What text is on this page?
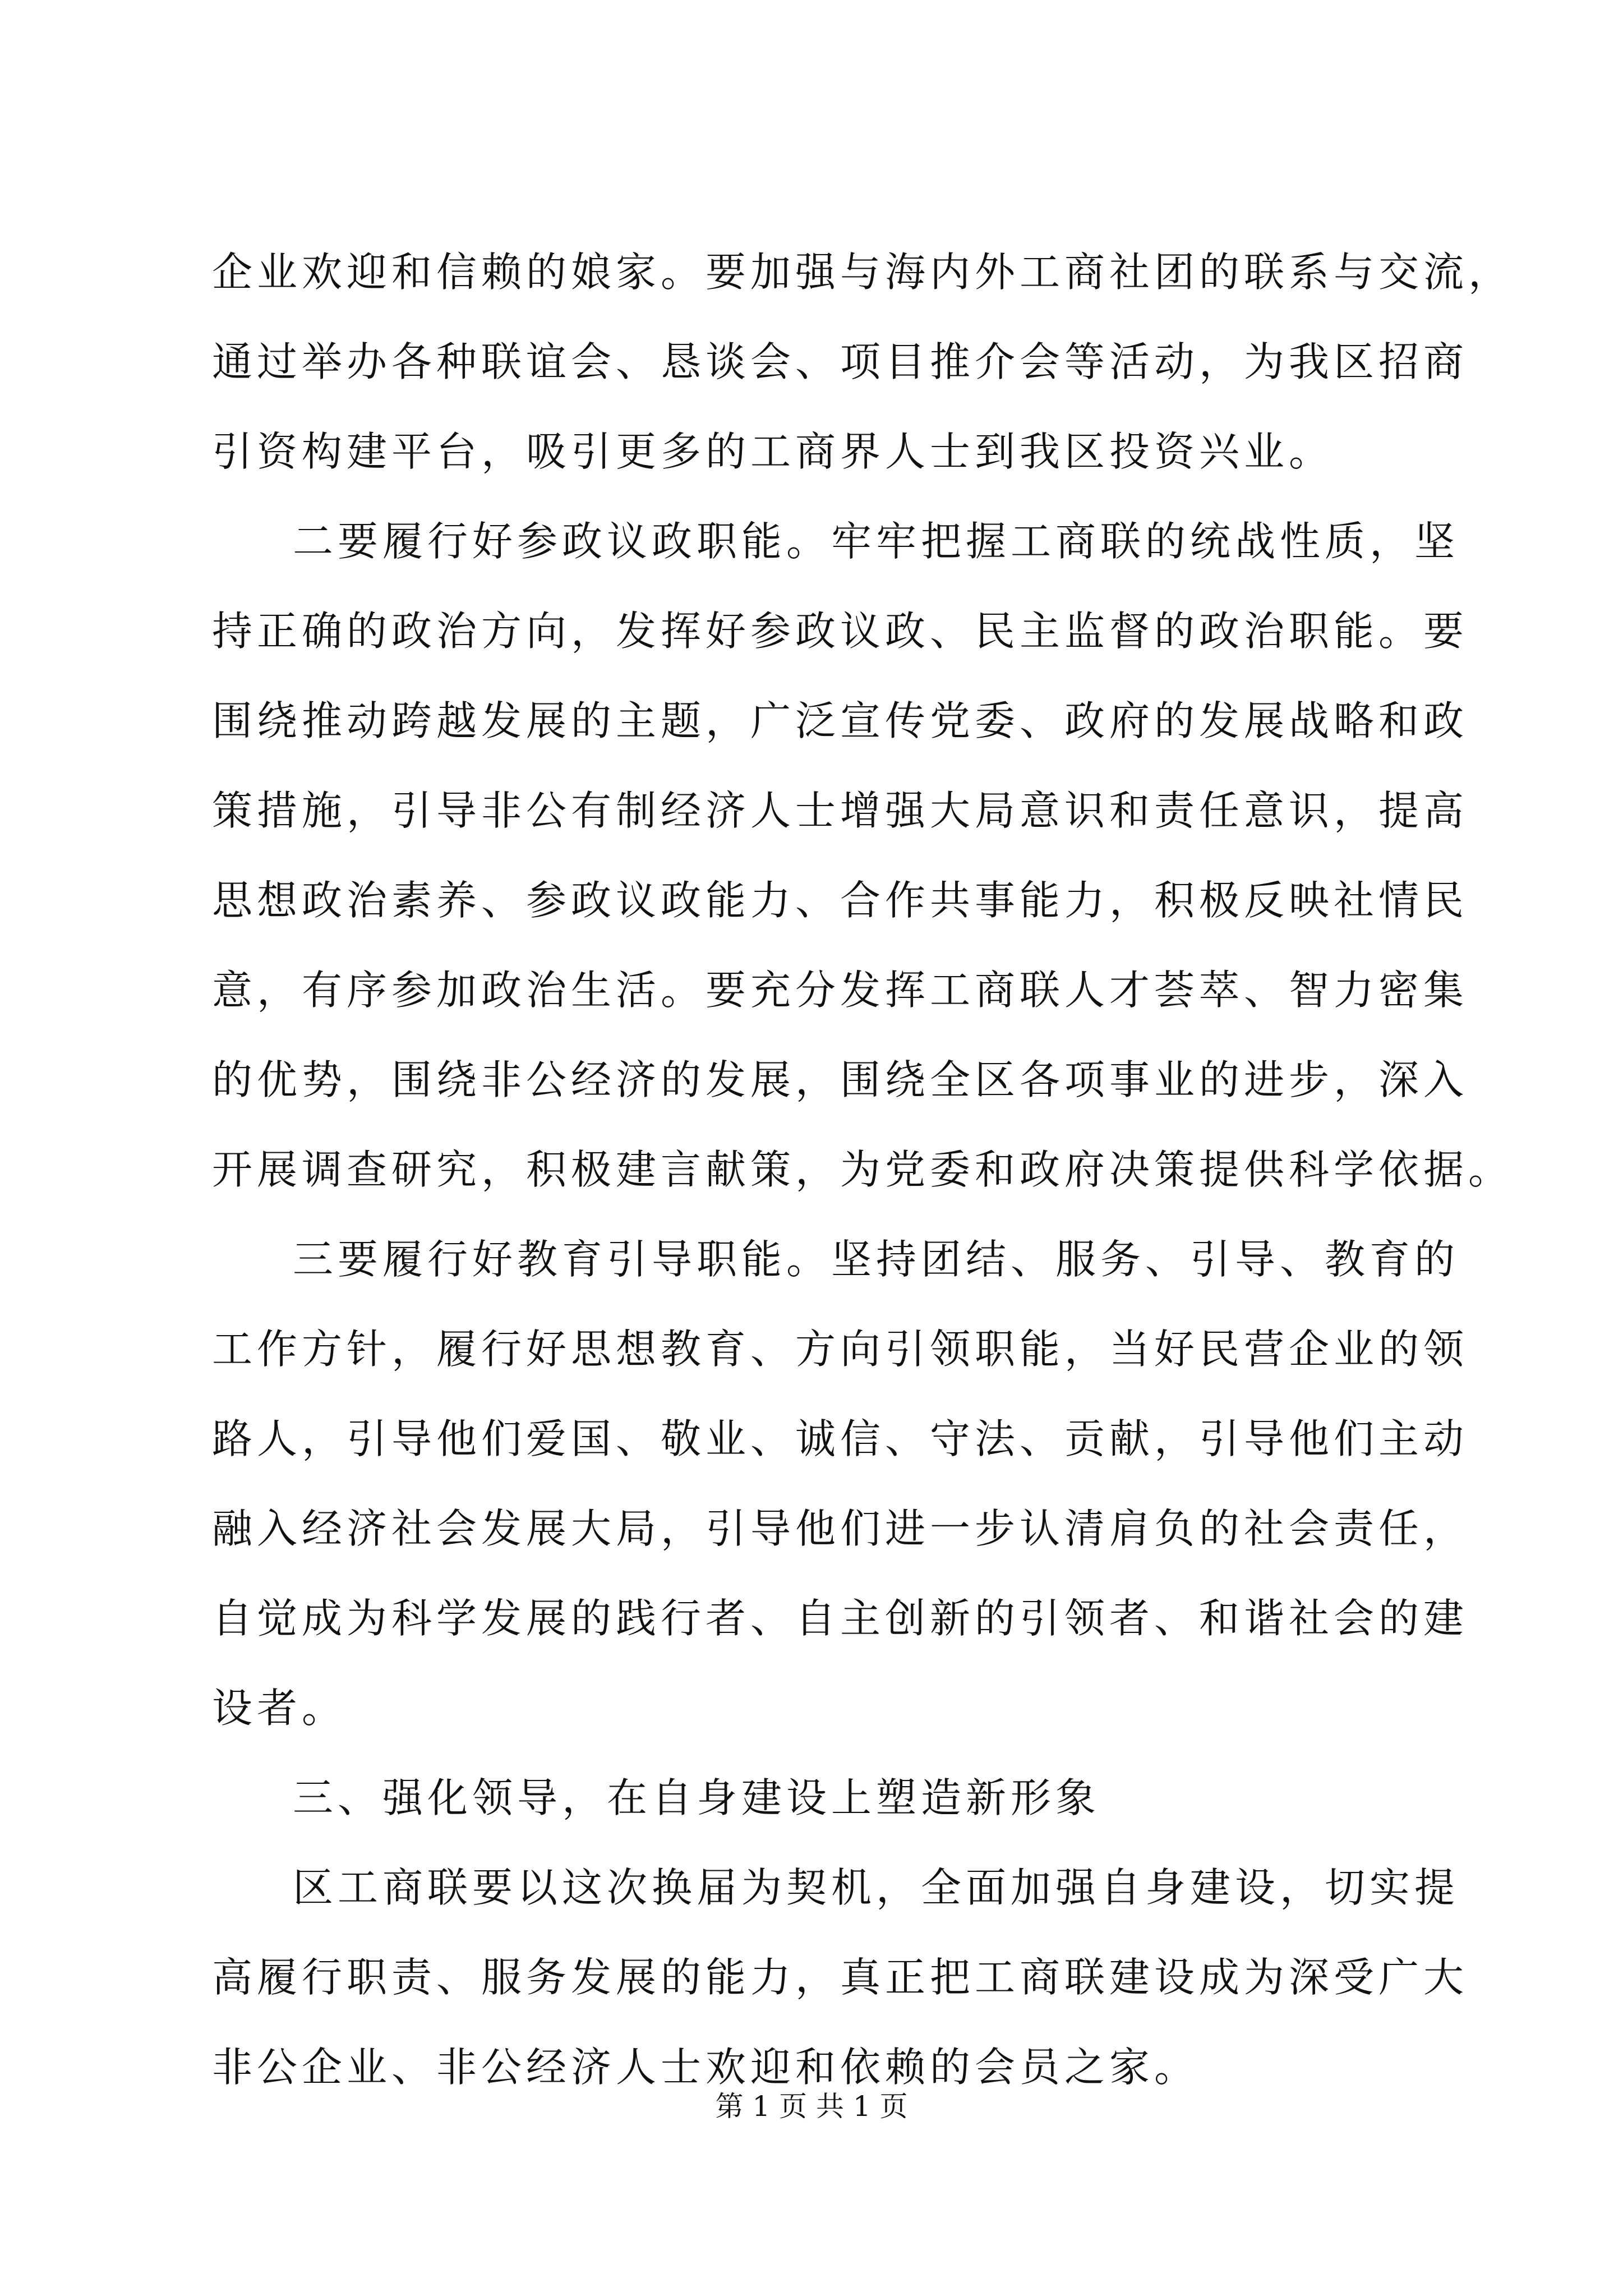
企业欢迎和信赖的娘家。要加强与海内外工商社团的联系与交流，
通过举办各种联谊会、恳谈会、项目推介会等活动，为我区招商
引资构建平台，吸引更多的工商界人士到我区投资兴业。
二要履行好参政议政职能。牢牢把握工商联的统战性质，坚
持正确的政治方向，发挥好参政议政、民主监督的政治职能。要
围绕推动跨越发展的主题，广泛宣传党委、政府的发展战略和政
策措施，引导非公有制经济人士增强大局意识和责任意识，提高
思想政治素养、参政议政能力、合作共事能力，积极反映社情民
意，有序参加政治生活。要充分发挥工商联人才荟萃、智力密集
的优势，围绕非公经济的发展，围绕全区各项事业的进步，深入
开展调查研究，积极建言献策，为党委和政府决策提供科学依据。
三要履行好教育引导职能。坚持团结、服务、引导、教育的
工作方针，履行好思想教育、方向引领职能，当好民营企业的领
路人，引导他们爱国、敬业、诚信、守法、贡献，引导他们主动
融入经济社会发展大局，引导他们进一步认清肩负的社会责任，
自觉成为科学发展的践行者、自主创新的引领者、和谐社会的建
设者。
三、强化领导，在自身建设上塑造新形象
区工商联要以这次换届为契机，全面加强自身建设，切实提
高履行职责、服务发展的能力，真正把工商联建设成为深受广大
非公企业、非公经济人士欢迎和依赖的会员之家。
第 1 页 共 1 页
